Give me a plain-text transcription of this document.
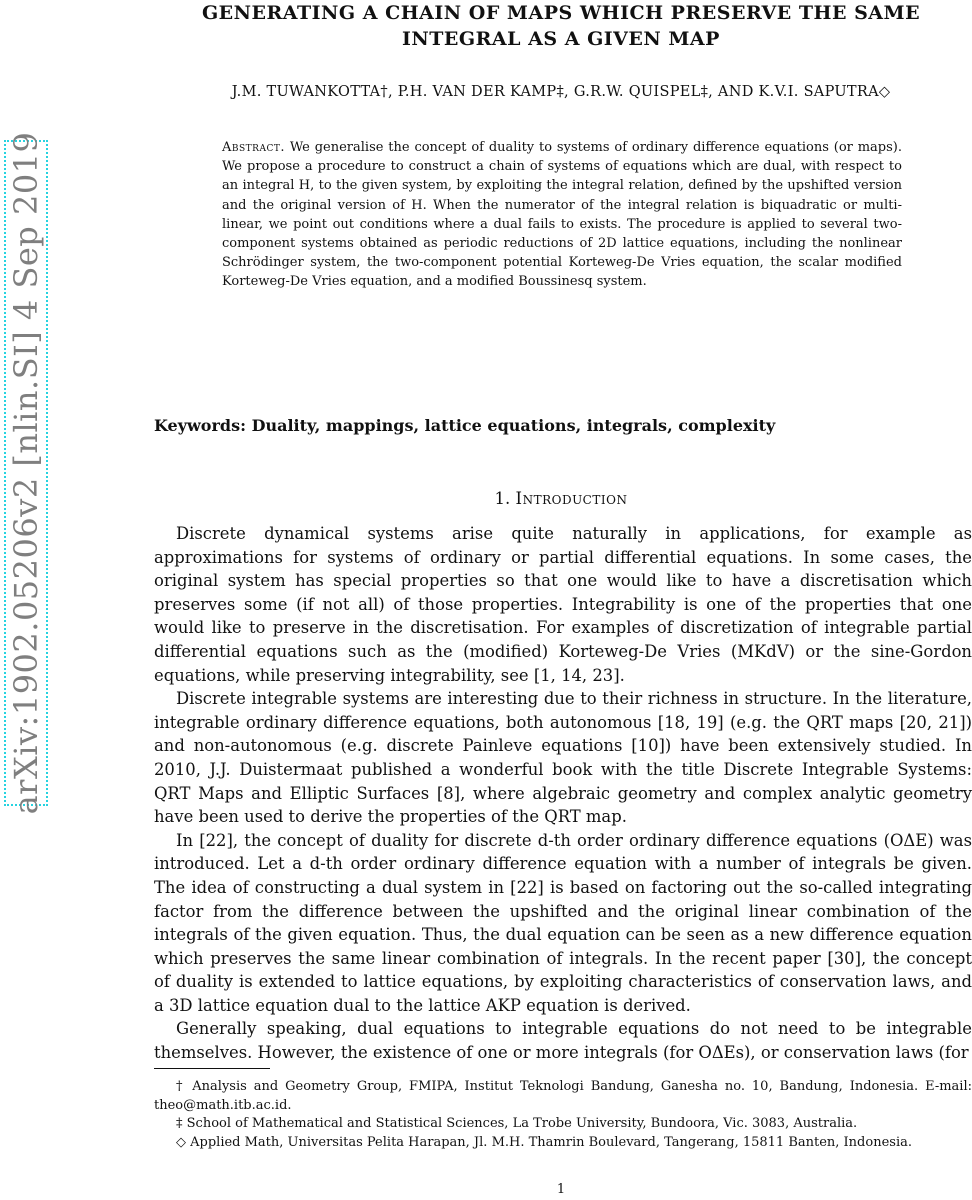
arXiv:1902.05206v2 [nlin.SI] 4 Sep 2019
GENERATING A CHAIN OF MAPS WHICH PRESERVE THE SAME
INTEGRAL AS A GIVEN MAP
J.M. TUWANKOTTA†, P.H. VAN DER KAMP‡, G.R.W. QUISPEL‡, AND K.V.I. SAPUTRA◇
Abstract. We generalise the concept of duality to systems of ordinary difference equations (or maps). We propose a procedure to construct a chain of systems of equations which are dual, with respect to an integral H, to the given system, by exploiting the integral relation, defined by the upshifted version and the original version of H. When the numerator of the integral relation is biquadratic or multi-linear, we point out conditions where a dual fails to exists. The procedure is applied to several two-component systems obtained as periodic reductions of 2D lattice equations, including the nonlinear Schrödinger system, the two-component potential Korteweg-De Vries equation, the scalar modified Korteweg-De Vries equation, and a modified Boussinesq system.
Keywords: Duality, mappings, lattice equations, integrals, complexity
1. Introduction

Discrete dynamical systems arise quite naturally in applications, for example as approximations for systems of ordinary or partial differential equations. In some cases, the original system has special properties so that one would like to have a discretisation which preserves some (if not all) of those properties. Integrability is one of the properties that one would like to preserve in the discretisation. For examples of discretization of integrable partial differential equations such as the (modified) Korteweg-De Vries (MKdV) or the sine-Gordon equations, while preserving integrability, see [1, 14, 23].

Discrete integrable systems are interesting due to their richness in structure. In the literature, integrable ordinary difference equations, both autonomous [18, 19] (e.g. the QRT maps [20, 21]) and non-autonomous (e.g. discrete Painleve equations [10]) have been extensively studied. In 2010, J.J. Duistermaat published a wonderful book with the title Discrete Integrable Systems: QRT Maps and Elliptic Surfaces [8], where algebraic geometry and complex analytic geometry have been used to derive the properties of the QRT map.

In [22], the concept of duality for discrete d-th order ordinary difference equations (OΔE) was introduced. Let a d-th order ordinary difference equation with a number of integrals be given. The idea of constructing a dual system in [22] is based on factoring out the so-called integrating factor from the difference between the upshifted and the original linear combination of the integrals of the given equation. Thus, the dual equation can be seen as a new difference equation which preserves the same linear combination of integrals. In the recent paper [30], the concept of duality is extended to lattice equations, by exploiting characteristics of conservation laws, and a 3D lattice equation dual to the lattice AKP equation is derived.

Generally speaking, dual equations to integrable equations do not need to be integrable themselves. However, the existence of one or more integrals (for OΔEs), or conservation laws (for

† Analysis and Geometry Group, FMIPA, Institut Teknologi Bandung, Ganesha no. 10, Bandung, Indonesia. E-mail: theo@math.itb.ac.id.

‡ School of Mathematical and Statistical Sciences, La Trobe University, Bundoora, Vic. 3083, Australia.

◇ Applied Math, Universitas Pelita Harapan, Jl. M.H. Thamrin Boulevard, Tangerang, 15811 Banten, Indonesia.

1
